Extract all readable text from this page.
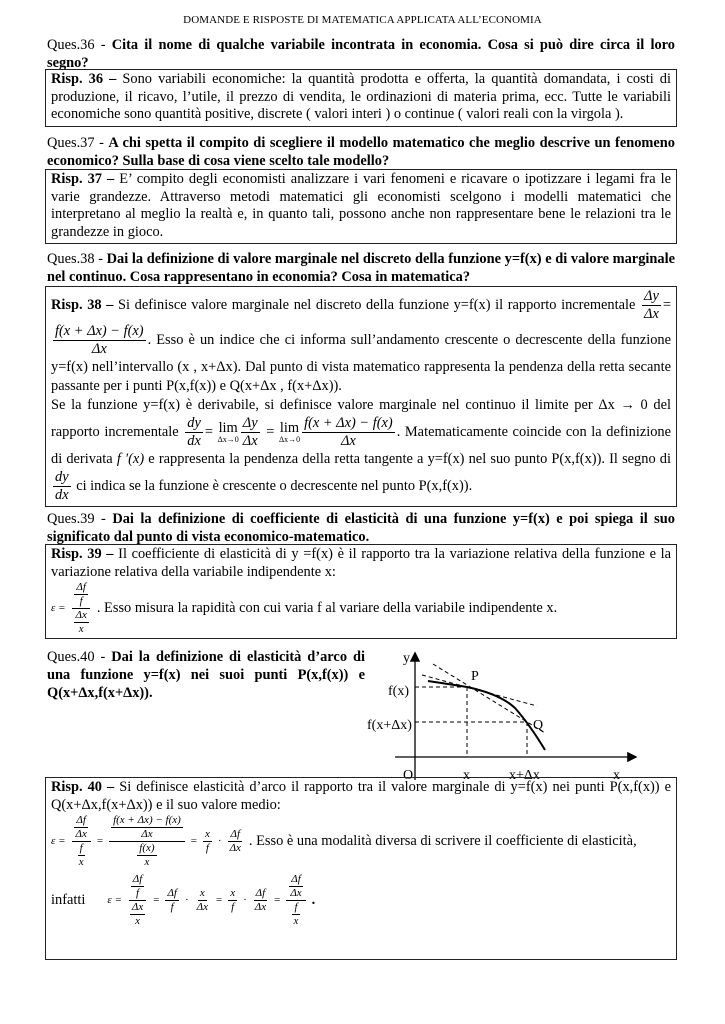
DOMANDE E RISPOSTE DI MATEMATICA APPLICATA ALL’ECONOMIA
Ques.36 - Cita il nome di qualche variabile incontrata in economia. Cosa si può dire circa il loro segno?
Risp. 36 – Sono variabili economiche: la quantità prodotta e offerta, la quantità domandata, i costi di produzione, il ricavo, l’utile, il prezzo di vendita, le ordinazioni di materia prima, ecc. Tutte le variabili economiche sono quantità positive, discrete ( valori interi ) o continue ( valori reali con la virgola ).
Ques.37 - A chi spetta il compito di scegliere il modello matematico che meglio descrive un fenomeno economico? Sulla base di cosa viene scelto tale modello?
Risp. 37 – E’ compito degli economisti analizzare i vari fenomeni e ricavare o ipotizzare i legami fra le varie grandezze. Attraverso metodi matematici gli economisti scelgono i modelli matematici che interpretano al meglio la realtà e, in quanto tali, possono anche non rappresentare bene le relazioni tra le grandezze in gioco.
Ques.38 - Dai la definizione di valore marginale nel discreto della funzione y=f(x) e di valore marginale nel continuo. Cosa rappresentano in economia? Cosa in matematica?
Risp. 38 – Si definisce valore marginale nel discreto della funzione y=f(x) il rapporto incrementale $\frac{\Delta y}{\Delta x}$ =
$\frac{f(x + \Delta x) - f(x)}{\Delta x}$ . Esso è un indice che ci informa sull’andamento crescente o decrescente della funzione y=f(x) nell’intervallo (x , x+Δx). Dal punto di vista matematico rappresenta la pendenza della retta secante passante per i punti P(x,f(x)) e Q(x+Δx , f(x+Δx)).
Se la funzione y=f(x) è derivabile, si definisce valore marginale nel continuo il limite per Δx → 0 del rapporto incrementale $\frac{dy}{dx} = \lim$
$\Delta x\to 0 \frac{\Delta y}{\Delta x} = \lim$
$\Delta x\to 0 \frac{f(x + \Delta x) - f(x)}{\Delta x}$ . Matematicamente coincide con la definizione di derivata f ′(x) e rappresenta la pendenza della retta tangente a y=f(x) nel suo punto P(x,f(x)). Il segno di
$\frac{dy}{dx}$ ci indica se la funzione è crescente o decrescente nel punto P(x,f(x)).
Ques.39 - Dai la definizione di coefficiente di elasticità di una funzione y=f(x) e poi spiega il suo significato dal punto di vista economico-matematico.
Risp. 39 – Il coefficiente di elasticità di y =f(x) è il rapporto tra la variazione relativa della funzione e la variazione relativa della variabile indipendente x:
$\varepsilon = \frac{\frac{\Delta f}{f}}{\frac{\Delta x}{x}}$ . Esso misura la rapidità con cui varia f al variare della variabile indipendente x.
Ques.40 - Dai la definizione di elasticità d’arco di una funzione y=f(x) nei suoi punti P(x,f(x)) e Q(x+Δx,f(x+Δx)).
y
P
f(x)
f(x+Δx)	Q
O	x	x+Δx	x
Risp. 40 – Si definisce elasticità d’arco il rapporto tra il valore marginale di y=f(x) nei punti P(x,f(x)) e Q(x+Δx,f(x+Δx)) e il suo valore medio:
$\varepsilon = \frac{\frac{\Delta f}{\Delta x}}{\frac{f}{x}} = \frac{\frac{f(x + \Delta x) - f(x)}{\Delta x}}{\frac{f(x)}{x}} = \frac{x}{f} \cdot \frac{\Delta f}{\Delta x}$ . Esso è una modalità diversa di scrivere il coefficiente di elasticità,
infatti $\varepsilon = \frac{\frac{\Delta f}{f}}{\frac{\Delta x}{x}} = \frac{\Delta f}{f} \cdot \frac{x}{\Delta x} = \frac{x}{f} \cdot \frac{\Delta f}{\Delta x} = \frac{\frac{\Delta f}{\Delta x}}{\frac{f}{x}}$ .
